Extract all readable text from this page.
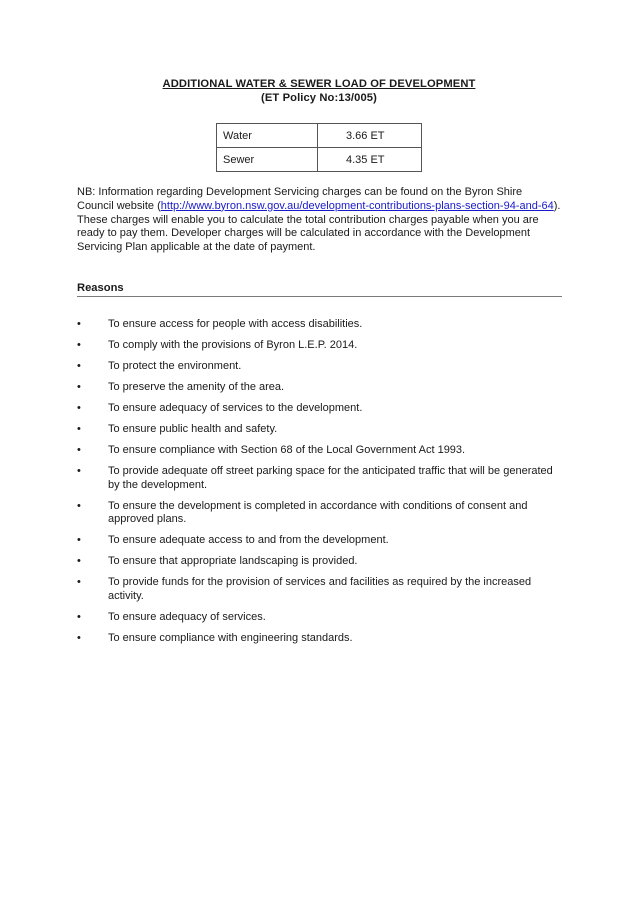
ADDITIONAL WATER & SEWER LOAD OF DEVELOPMENT
(ET Policy No:13/005)
Water	3.66 ET
Sewer	4.35 ET
NB: Information regarding Development Servicing charges can be found on the Byron Shire Council website (http://www.byron.nsw.gov.au/development-contributions-plans-section-94-and-64). These charges will enable you to calculate the total contribution charges payable when you are ready to pay them. Developer charges will be calculated in accordance with the Development Servicing Plan applicable at the date of payment.
Reasons
• To ensure access for people with access disabilities.
• To comply with the provisions of Byron L.E.P. 2014.
• To protect the environment.
• To preserve the amenity of the area.
• To ensure adequacy of services to the development.
• To ensure public health and safety.
• To ensure compliance with Section 68 of the Local Government Act 1993.
• To provide adequate off street parking space for the anticipated traffic that will be generated by the development.
• To ensure the development is completed in accordance with conditions of consent and approved plans.
• To ensure adequate access to and from the development.
• To ensure that appropriate landscaping is provided.
• To provide funds for the provision of services and facilities as required by the increased activity.
• To ensure adequacy of services.
• To ensure compliance with engineering standards.
